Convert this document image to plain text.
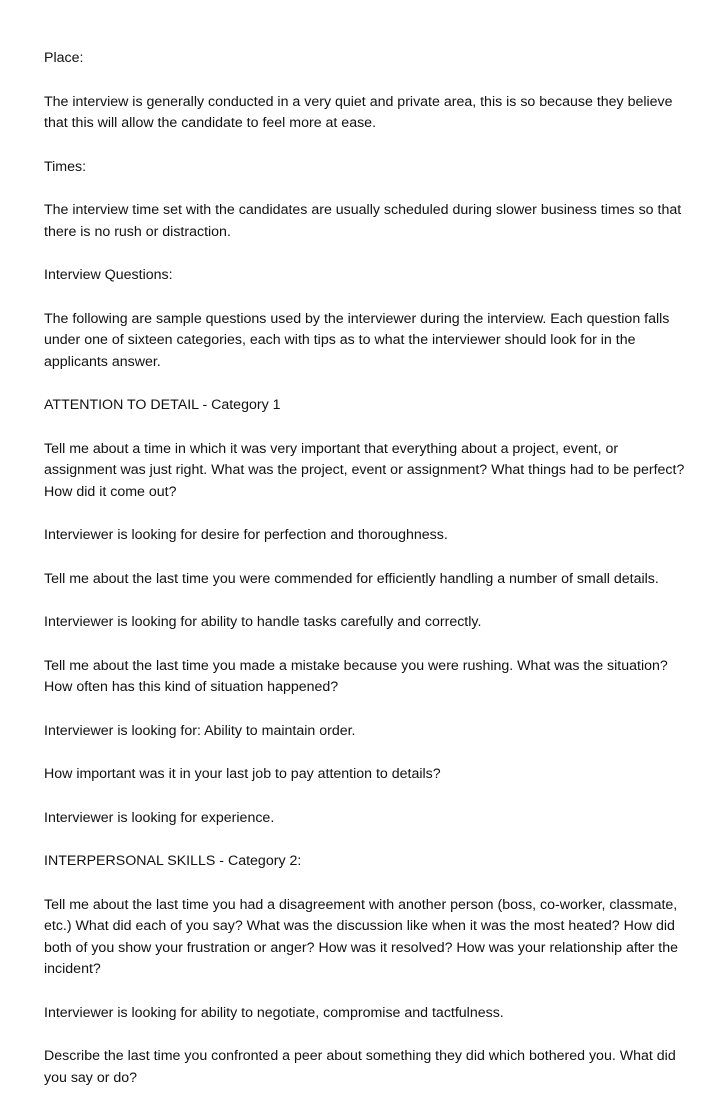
Place:

The interview is generally conducted in a very quiet and private area, this is so because they believe that this will allow the candidate to feel more at ease.

Times:

The interview time set with the candidates are usually scheduled during slower business times so that there is no rush or distraction.

Interview Questions:

The following are sample questions used by the interviewer during the interview. Each question falls under one of sixteen categories, each with tips as to what the interviewer should look for in the applicants answer.

ATTENTION TO DETAIL - Category 1

Tell me about a time in which it was very important that everything about a project, event, or assignment was just right. What was the project, event or assignment? What things had to be perfect? How did it come out?

Interviewer is looking for desire for perfection and thoroughness.

Tell me about the last time you were commended for efficiently handling a number of small details.

Interviewer is looking for ability to handle tasks carefully and correctly.

Tell me about the last time you made a mistake because you were rushing. What was the situation? How often has this kind of situation happened?

Interviewer is looking for: Ability to maintain order.

How important was it in your last job to pay attention to details?

Interviewer is looking for experience.

INTERPERSONAL SKILLS - Category 2:

Tell me about the last time you had a disagreement with another person (boss, co-worker, classmate, etc.) What did each of you say? What was the discussion like when it was the most heated? How did both of you show your frustration or anger? How was it resolved? How was your relationship after the incident?

Interviewer is looking for ability to negotiate, compromise and tactfulness.

Describe the last time you confronted a peer about something they did which bothered you. What did you say or do?
